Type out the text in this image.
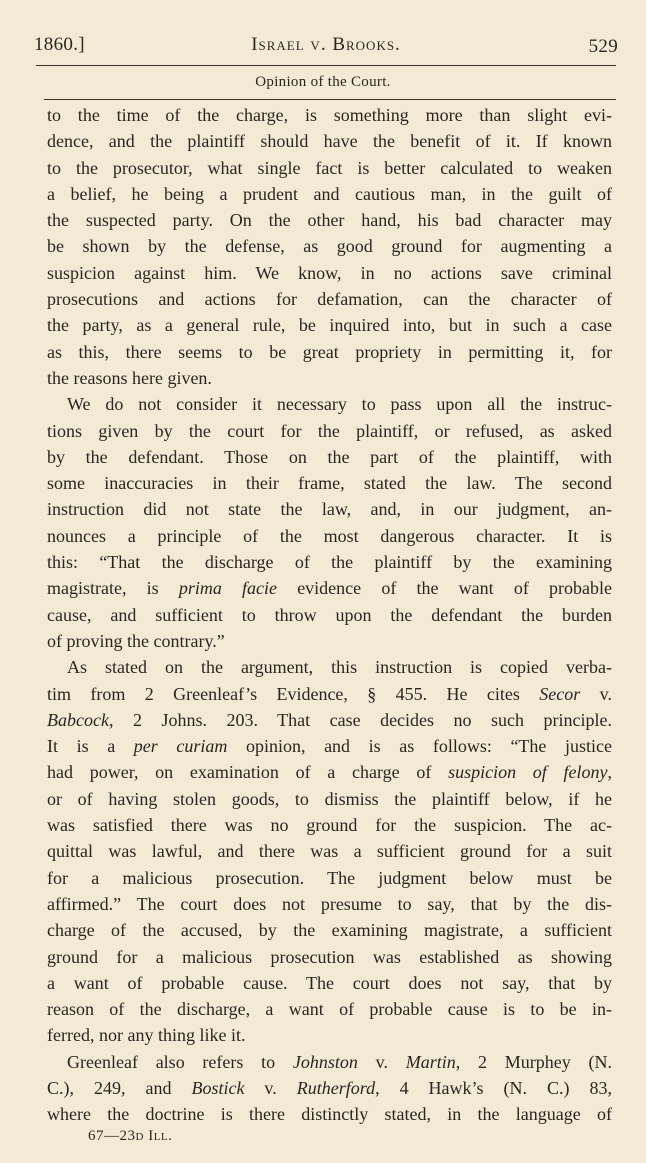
1860.]	Israel v. Brooks.	529
Opinion of the Court.
to the time of the charge, is something more than slight evi-
dence, and the plaintiff should have the benefit of it. If known
to the prosecutor, what single fact is better calculated to weaken
a belief, he being a prudent and cautious man, in the guilt of
the suspected party. On the other hand, his bad character may
be shown by the defense, as good ground for augmenting a
suspicion against him. We know, in no actions save criminal
prosecutions and actions for defamation, can the character of
the party, as a general rule, be inquired into, but in such a case
as this, there seems to be great propriety in permitting it, for
the reasons here given.
We do not consider it necessary to pass upon all the instruc-
tions given by the court for the plaintiff, or refused, as asked
by the defendant. Those on the part of the plaintiff, with
some inaccuracies in their frame, stated the law. The second
instruction did not state the law, and, in our judgment, an-
nounces a principle of the most dangerous character. It is
this: “That the discharge of the plaintiff by the examining
magistrate, is prima facie evidence of the want of probable
cause, and sufficient to throw upon the defendant the burden
of proving the contrary.”
As stated on the argument, this instruction is copied verba-
tim from 2 Greenleaf’s Evidence, § 455. He cites Secor v.
Babcock, 2 Johns. 203. That case decides no such principle.
It is a per curiam opinion, and is as follows: “The justice
had power, on examination of a charge of suspicion of felony,
or of having stolen goods, to dismiss the plaintiff below, if he
was satisfied there was no ground for the suspicion. The ac-
quittal was lawful, and there was a sufficient ground for a suit
for a malicious prosecution. The judgment below must be
affirmed.” The court does not presume to say, that by the dis-
charge of the accused, by the examining magistrate, a sufficient
ground for a malicious prosecution was established as showing
a want of probable cause. The court does not say, that by
reason of the discharge, a want of probable cause is to be in-
ferred, nor any thing like it.
Greenleaf also refers to Johnston v. Martin, 2 Murphey (N.
C.), 249, and Bostick v. Rutherford, 4 Hawk’s (N. C.) 83,
where the doctrine is there distinctly stated, in the language of
67—23d Ill.
